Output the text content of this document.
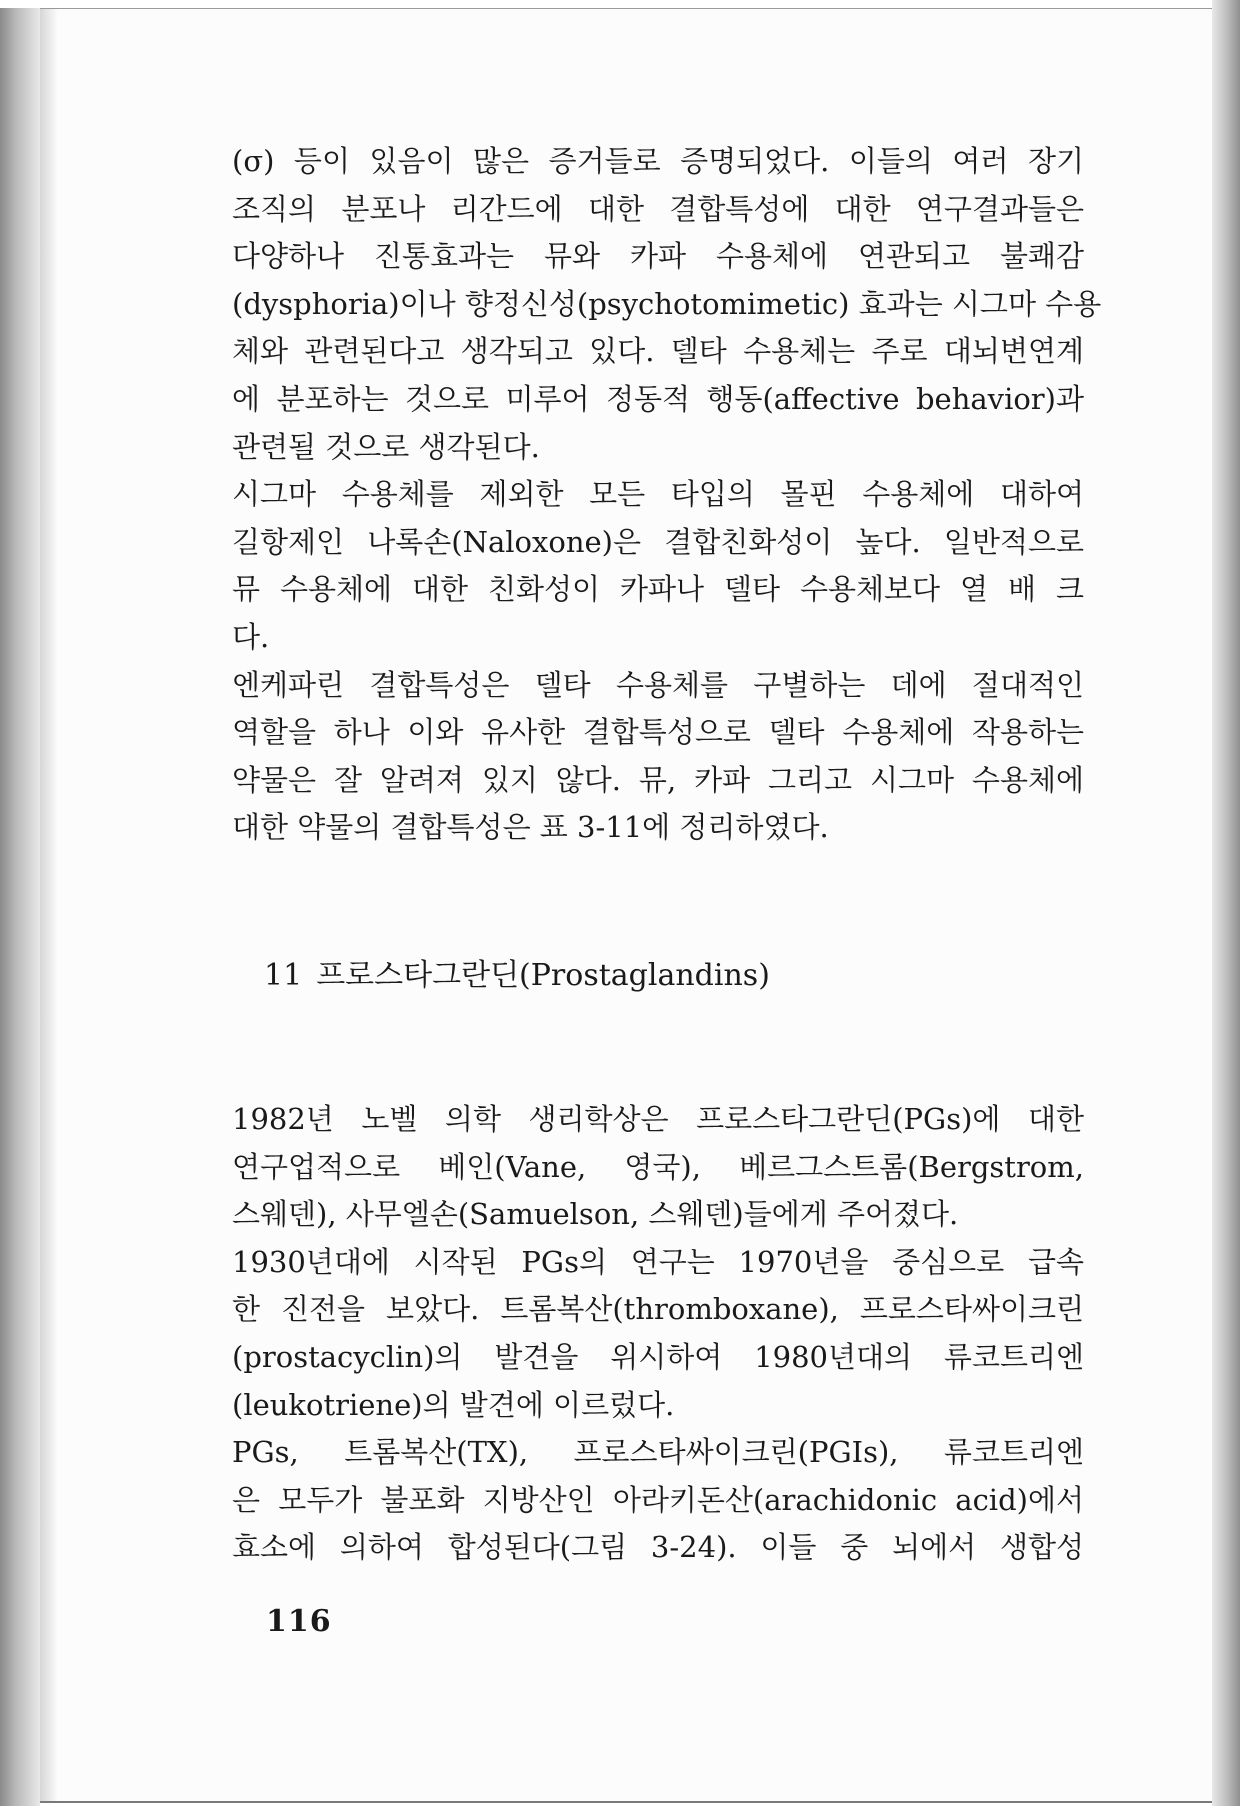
(σ) 등이 있음이 많은 증거들로 증명되었다. 이들의 여러 장기
조직의 분포나 리간드에 대한 결합특성에 대한 연구결과들은
다양하나 진통효과는 뮤와 카파 수용체에 연관되고 불쾌감
(dysphoria)이나 향정신성(psychotomimetic) 효과는 시그마 수용
체와 관련된다고 생각되고 있다. 델타 수용체는 주로 대뇌변연계
에 분포하는 것으로 미루어 정동적 행동(affective behavior)과
관련될 것으로 생각된다.

시그마 수용체를 제외한 모든 타입의 몰핀 수용체에 대하여
길항제인 나록손(Naloxone)은 결합친화성이 높다. 일반적으로
뮤 수용체에 대한 친화성이 카파나 델타 수용체보다 열 배 크
다.

엔케파린 결합특성은 델타 수용체를 구별하는 데에 절대적인
역할을 하나 이와 유사한 결합특성으로 델타 수용체에 작용하는
약물은 잘 알려져 있지 않다. 뮤, 카파 그리고 시그마 수용체에
대한 약물의 결합특성은 표 3-11에 정리하였다.

11 프로스타그란딘(Prostaglandins)

1982년 노벨 의학 생리학상은 프로스타그란딘(PGs)에 대한
연구업적으로 베인(Vane, 영국), 베르그스트롬(Bergstrom,
스웨덴), 사무엘손(Samuelson, 스웨덴)들에게 주어졌다.

1930년대에 시작된 PGs의 연구는 1970년을 중심으로 급속
한 진전을 보았다. 트롬복산(thromboxane), 프로스타싸이크린
(prostacyclin)의 발견을 위시하여 1980년대의 류코트리엔
(leukotriene)의 발견에 이르렀다.

PGs, 트롬복산(TX), 프로스타싸이크린(PGIs), 류코트리엔
은 모두가 불포화 지방산인 아라키돈산(arachidonic acid)에서
효소에 의하여 합성된다(그림 3-24). 이들 중 뇌에서 생합성

116
